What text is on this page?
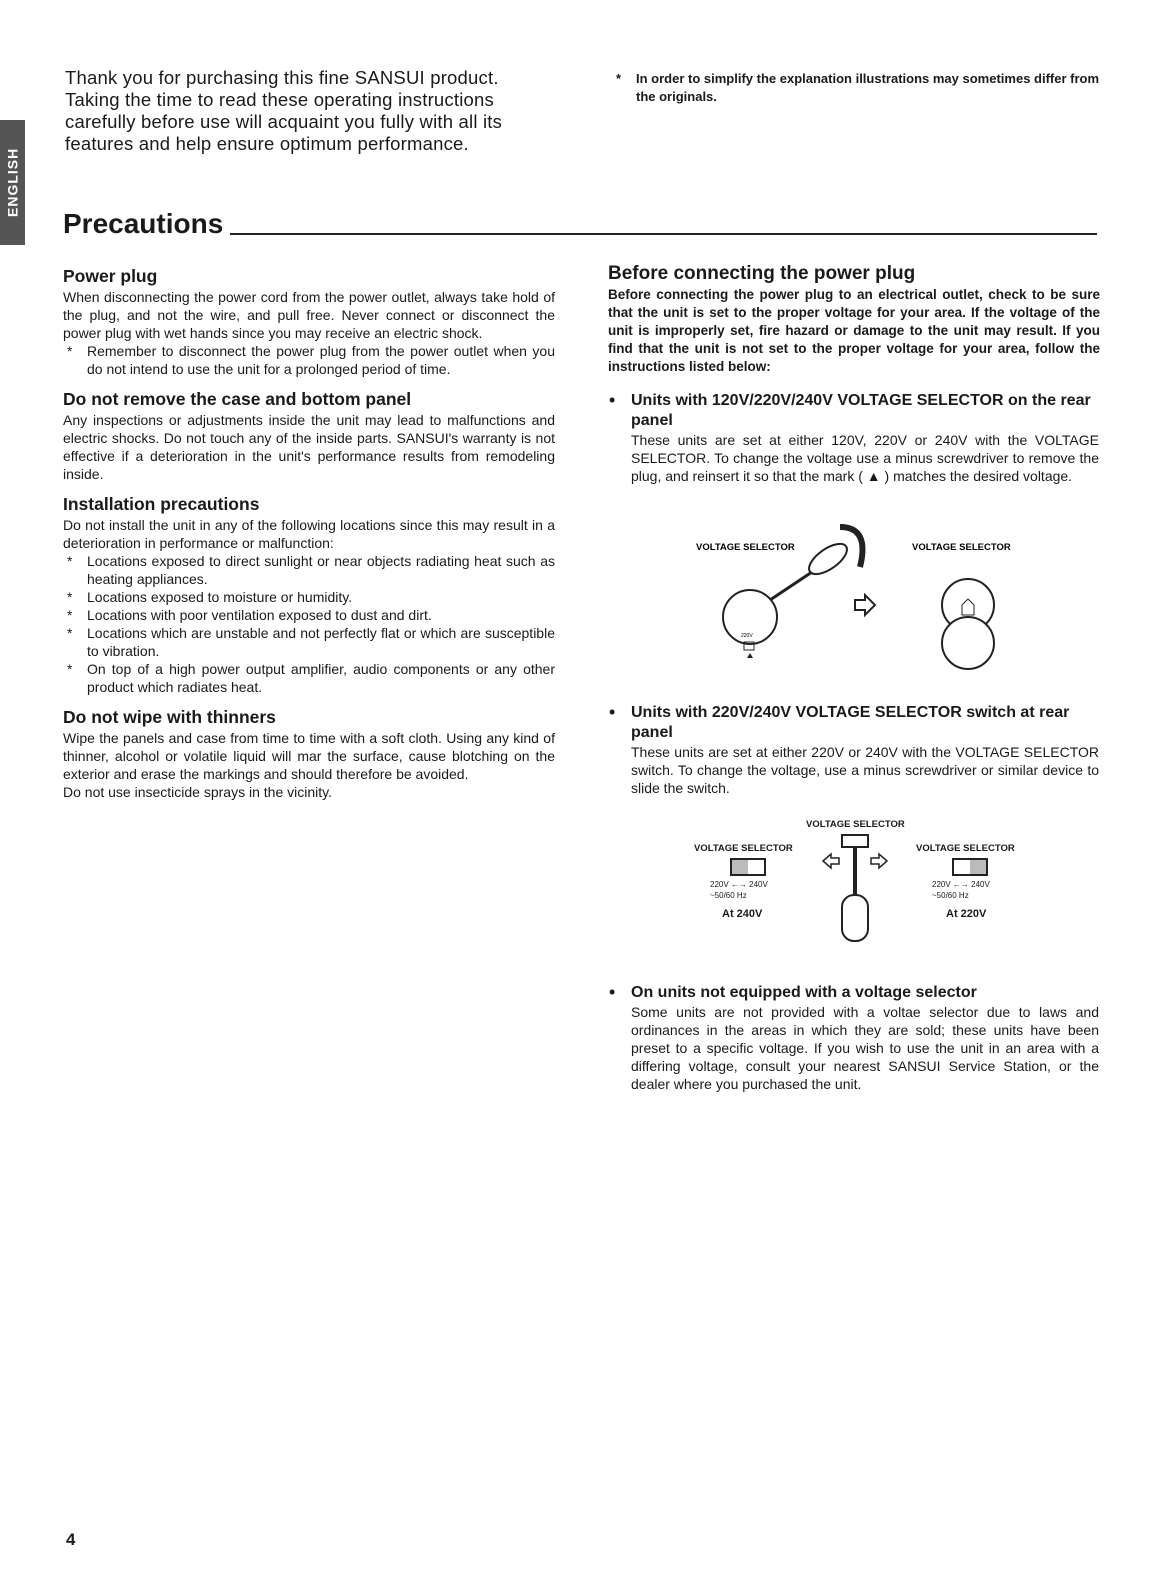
ENGLISH
Thank you for purchasing this fine SANSUI product. Taking the time to read these operating instructions carefully before use will acquaint you fully with all its features and help ensure optimum performance.
* In order to simplify the explanation illustrations may sometimes differ from the originals.
Precautions
Power plug

When disconnecting the power cord from the power outlet, always take hold of the plug, and not the wire, and pull free. Never connect or disconnect the power plug with wet hands since you may receive an electric shock.

* Remember to disconnect the power plug from the power outlet when you do not intend to use the unit for a prolonged period of time.

Do not remove the case and bottom panel

Any inspections or adjustments inside the unit may lead to malfunctions and electric shocks. Do not touch any of the inside parts. SANSUI's warranty is not effective if a deterioration in the unit's performance results from remodeling inside.

Installation precautions

Do not install the unit in any of the following locations since this may result in a deterioration in performance or malfunction:

* Locations exposed to direct sunlight or near objects radiating heat such as heating appliances.

* Locations exposed to moisture or humidity.

* Locations with poor ventilation exposed to dust and dirt.

* Locations which are unstable and not perfectly flat or which are susceptible to vibration.

* On top of a high power output amplifier, audio components or any other product which radiates heat.

Do not wipe with thinners

Wipe the panels and case from time to time with a soft cloth. Using any kind of thinner, alcohol or volatile liquid will mar the surface, cause blotching on the exterior and erase the markings and should therefore be avoided.

Do not use insecticide sprays in the vicinity.

Before connecting the power plug

Before connecting the power plug to an electrical outlet, check to be sure that the unit is set to the proper voltage for your area. If the voltage of the unit is improperly set, fire hazard or damage to the unit may result. If you find that the unit is not set to the proper voltage for your area, follow the instructions listed below:

• Units with 120V/220V/240V VOLTAGE SELECTOR on the rear panel

These units are set at either 120V, 220V or 240V with the VOLTAGE SELECTOR. To change the voltage use a minus screwdriver to remove the plug, and reinsert it so that the mark ( ▲ ) matches the desired voltage.

VOLTAGE SELECTOR	VOLTAGE SELECTOR
220V
• Units with 220V/240V VOLTAGE SELECTOR switch at rear panel

These units are set at either 220V or 240V with the VOLTAGE SELECTOR switch. To change the voltage, use a minus screwdriver or similar device to slide the switch.

VOLTAGE SELECTOR
VOLTAGE SELECTOR	VOLTAGE SELECTOR
220V ←→ 240V
~50/60 Hz
220V ←→ 240V
~50/60 Hz
At 240V	At 220V
• On units not equipped with a voltage selector

Some units are not provided with a voltae selector due to laws and ordinances in the areas in which they are sold; these units have been preset to a specific voltage. If you wish to use the unit in an area with a differing voltage, consult your nearest SANSUI Service Station, or the dealer where you purchased the unit.

4
